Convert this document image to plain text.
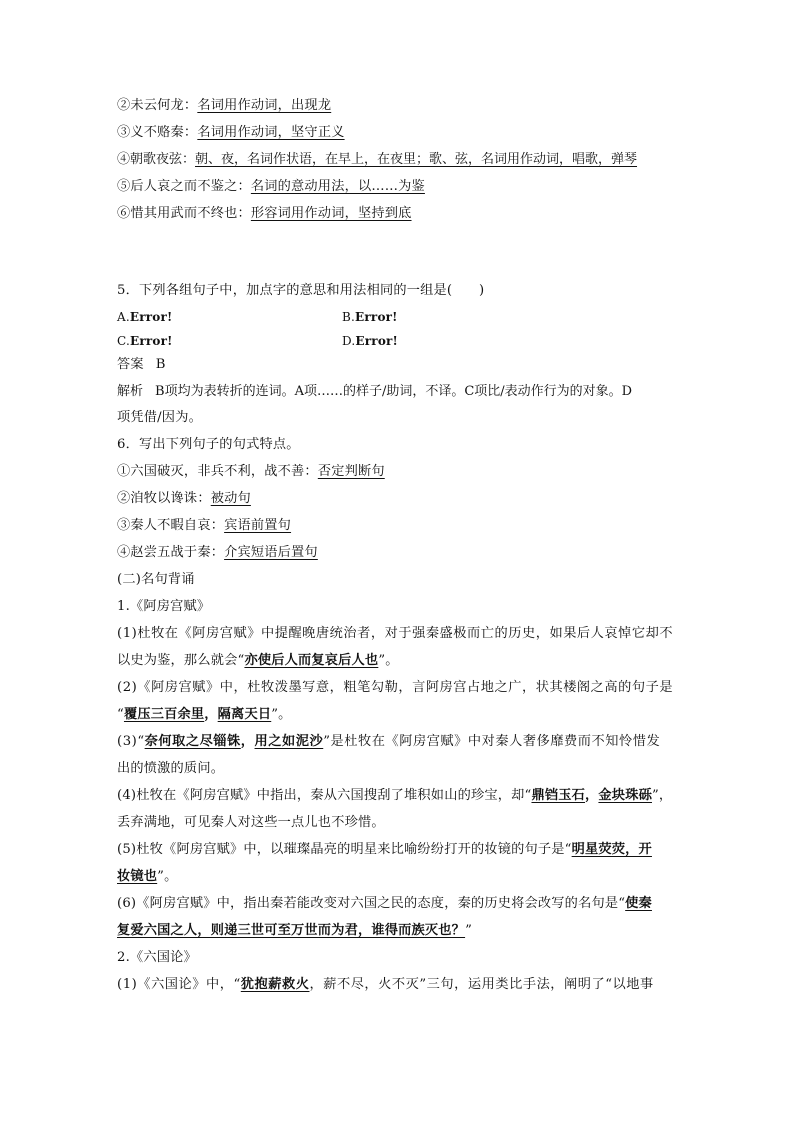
②未云何龙：名词用作动词，出现龙
③义不赂秦：名词用作动词，坚守正义
④朝歌夜弦：朝、夜，名词作状语，在早上，在夜里；歌、弦，名词用作动词，唱歌，弹琴
⑤后人哀之而不鉴之：名词的意动用法，以……为鉴
⑥惜其用武而不终也：形容词用作动词，坚持到底
5．下列各组句子中，加点字的意思和用法相同的一组是(　　)
A.Error!	B.Error!
C.Error!	D.Error!
答案 B
解析 B项均为表转折的连词。A项……的样子/助词，不译。C项比/表动作行为的对象。D
项凭借/因为。
6．写出下列句子的句式特点。
①六国破灭，非兵不利，战不善：否定判断句
②洎牧以谗诛：被动句
③秦人不暇自哀：宾语前置句
④赵尝五战于秦：介宾短语后置句
(二)名句背诵
1.《阿房宫赋》
(1)杜牧在《阿房宫赋》中提醒晚唐统治者，对于强秦盛极而亡的历史，如果后人哀悼它却不
以史为鉴，那么就会“亦使后人而复哀后人也”。
(2)《阿房宫赋》中，杜牧泼墨写意，粗笔勾勒，言阿房宫占地之广，状其楼阁之高的句子是
“覆压三百余里，隔离天日”。
(3)“奈何取之尽锱铢，用之如泥沙”是杜牧在《阿房宫赋》中对秦人奢侈靡费而不知怜惜发
出的愤激的质问。
(4)杜牧在《阿房宫赋》中指出，秦从六国搜刮了堆积如山的珍宝，却“鼎铛玉石，金块珠砾”，
丢弃满地，可见秦人对这些一点儿也不珍惜。
(5)杜牧《阿房宫赋》中，以璀璨晶亮的明星来比喻纷纷打开的妆镜的句子是“明星荧荧，开
妆镜也”。
(6)《阿房宫赋》中，指出秦若能改变对六国之民的态度，秦的历史将会改写的名句是“使秦
复爱六国之人，则递三世可至万世而为君，谁得而族灭也？”
2.《六国论》
(1)《六国论》中，“犹抱薪救火，薪不尽，火不灭”三句，运用类比手法，阐明了“以地事
